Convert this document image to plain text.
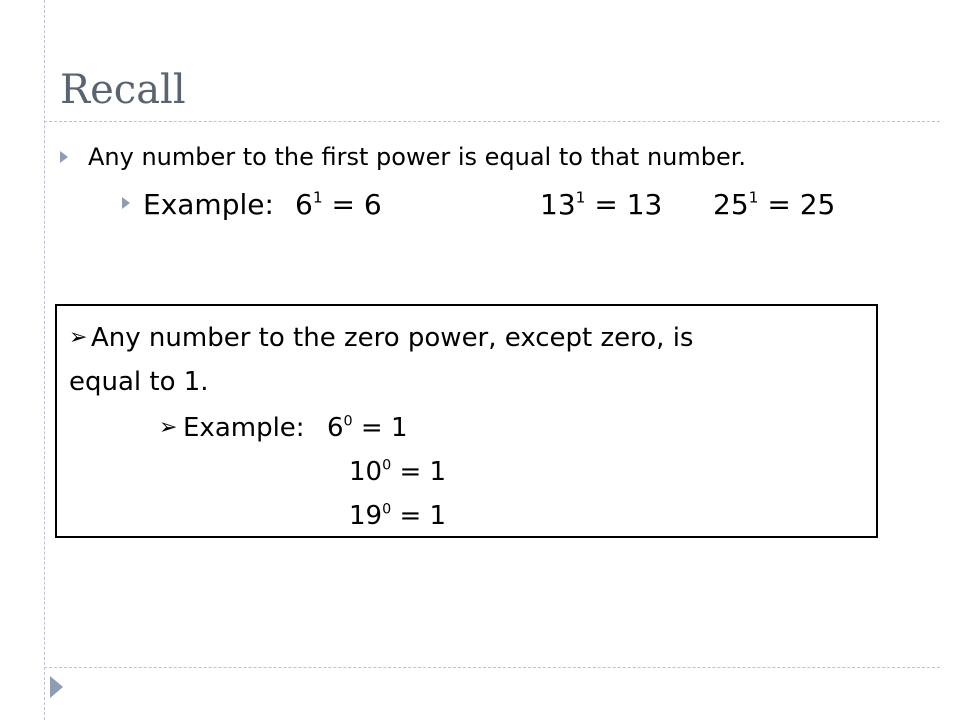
Recall
Any number to the first power is equal to that number.
Example: $6^1 = 6$	$13^1 = 13$ $25^1 = 25$
➢ Any number to the zero power, except zero, is
equal to 1.
➢ Example: $6^0 = 1$
$10^0 = 1$
$19^0 = 1$
